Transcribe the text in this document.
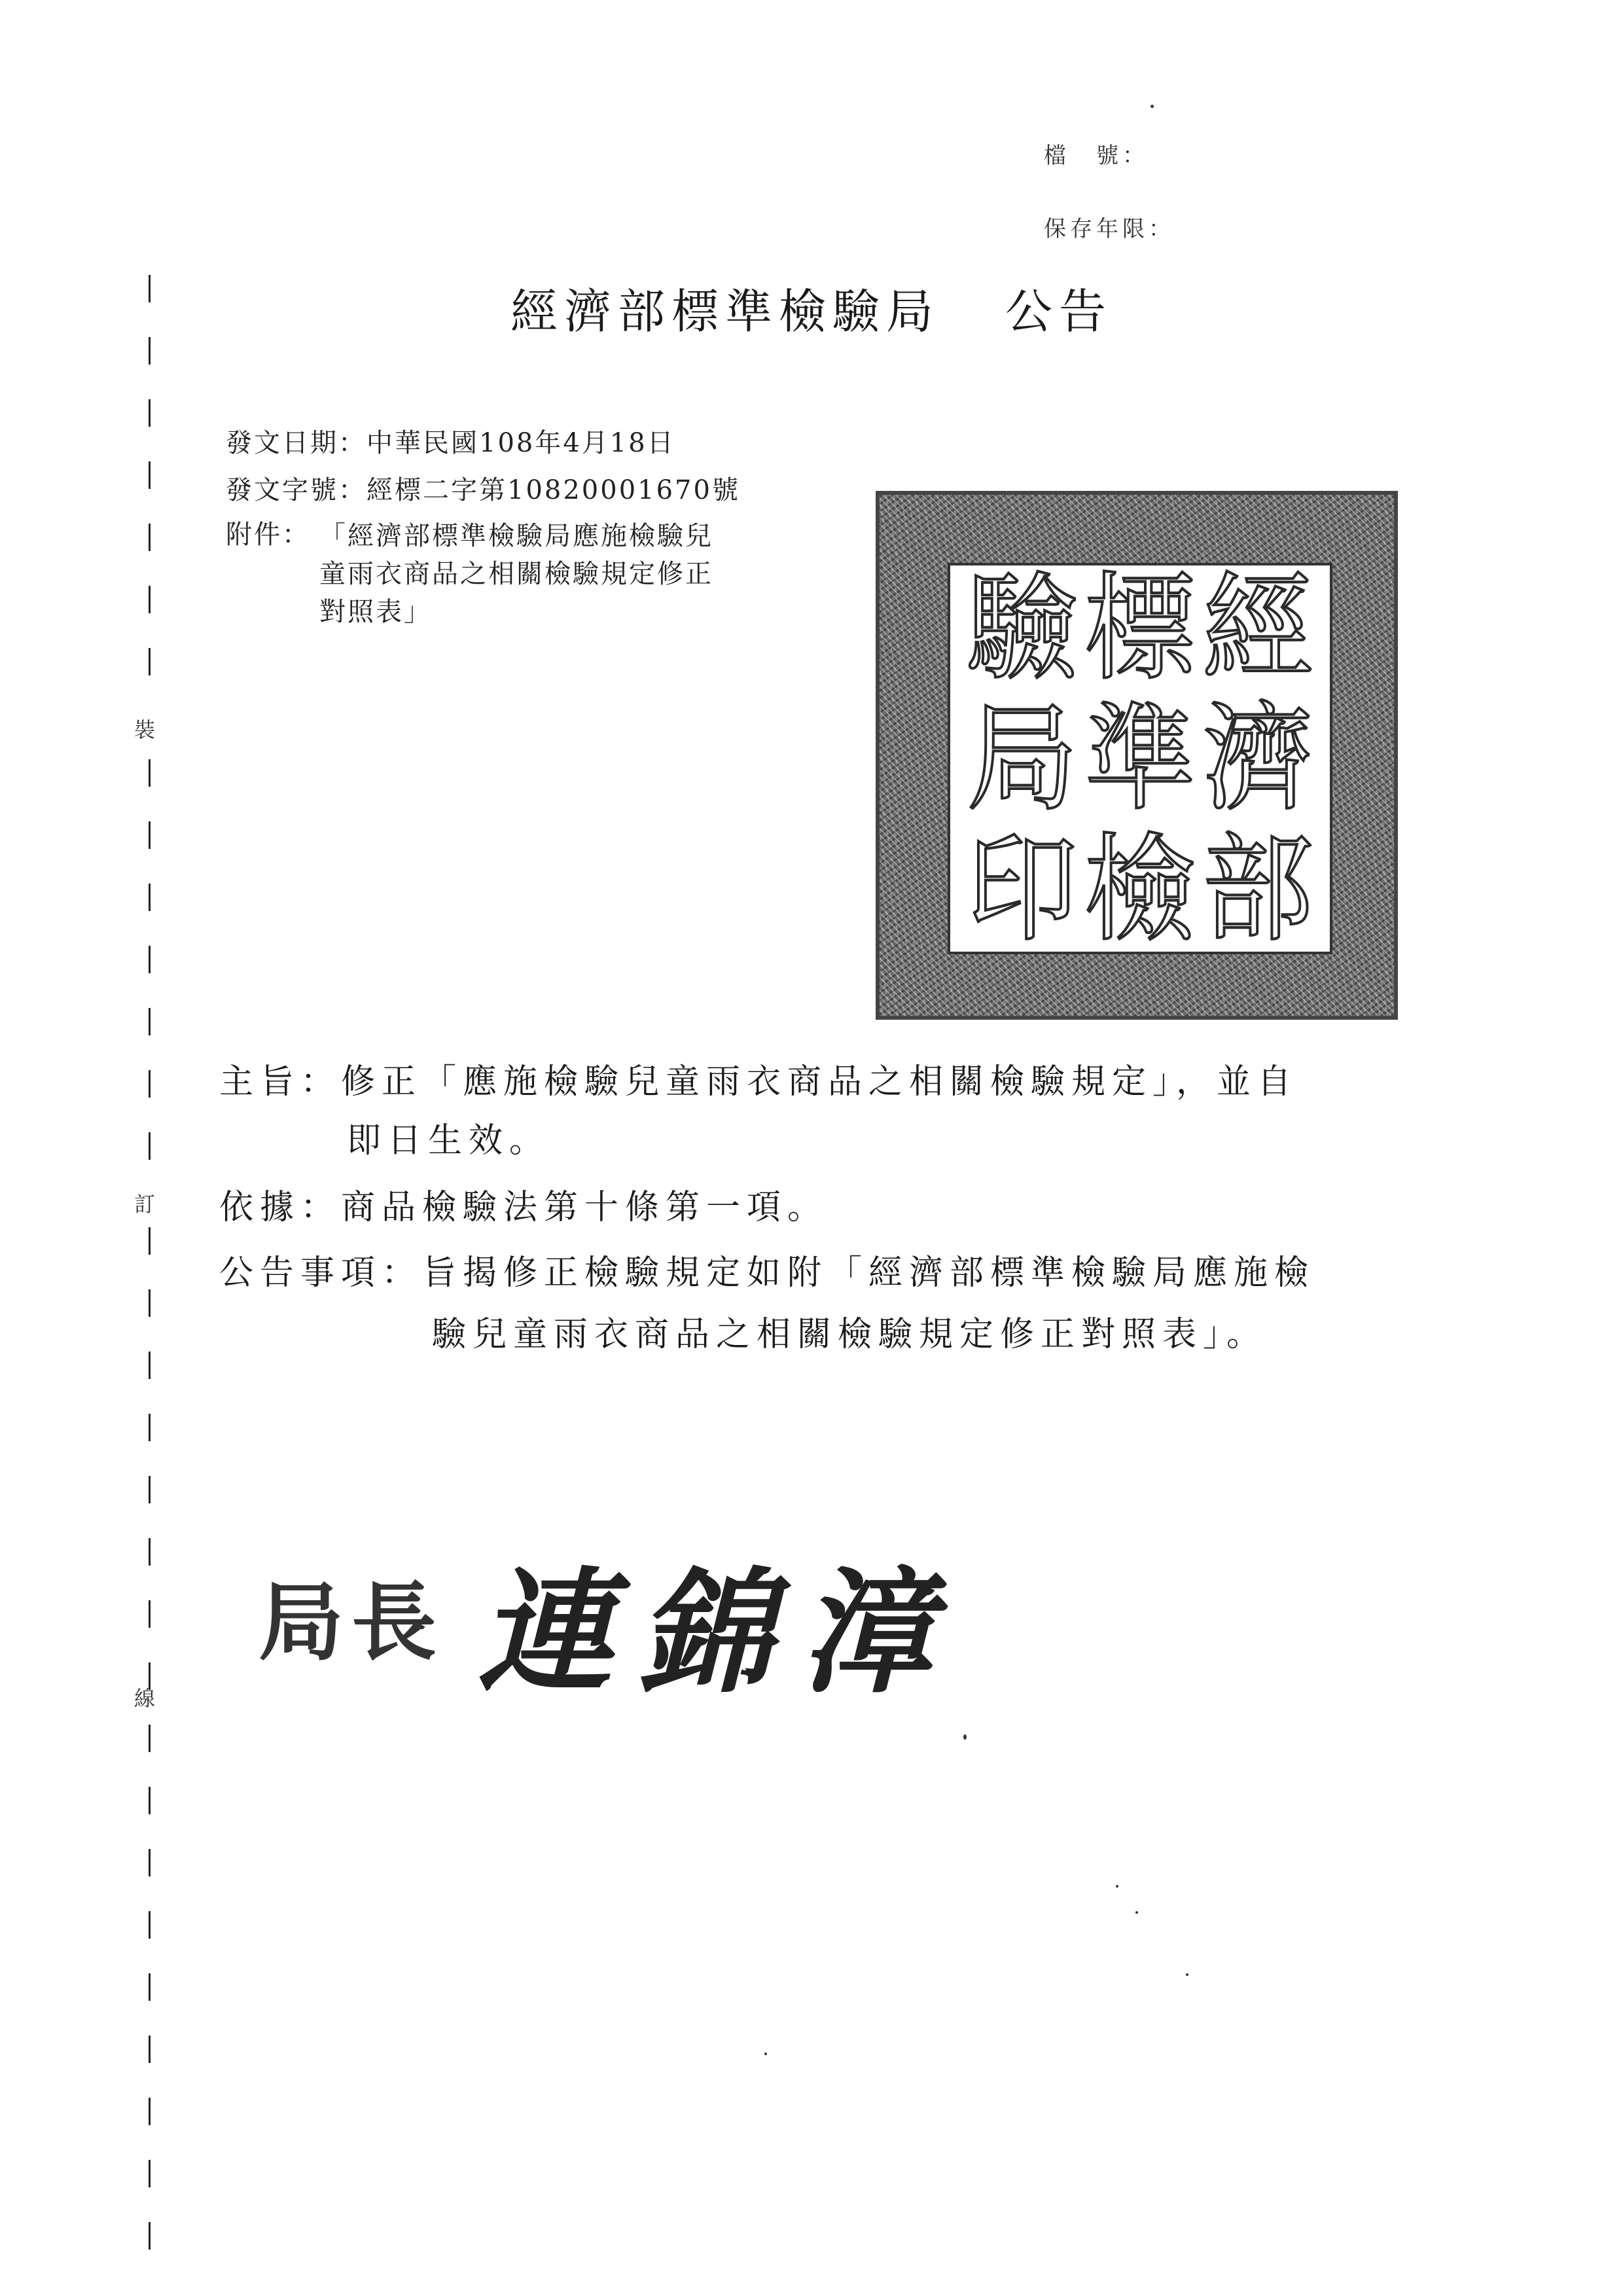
檔　號：
保存年限：
經濟部標準檢驗局 公告
發文日期：中華民國108年4月18日
發文字號：經標二字第10820001670號
附件： 「經濟部標準檢驗局應施檢驗兒
童雨衣商品之相關檢驗規定修正
對照表」	經
濟
部
標
準
檢
驗
局
印
主旨：修正「應施檢驗兒童雨衣商品之相關檢驗規定」，並自
即日生效。
依據：商品檢驗法第十條第一項。
公告事項：旨揭修正檢驗規定如附「經濟部標準檢驗局應施檢
驗兒童雨衣商品之相關檢驗規定修正對照表」。
局長 連錦漳
裝
訂
線
